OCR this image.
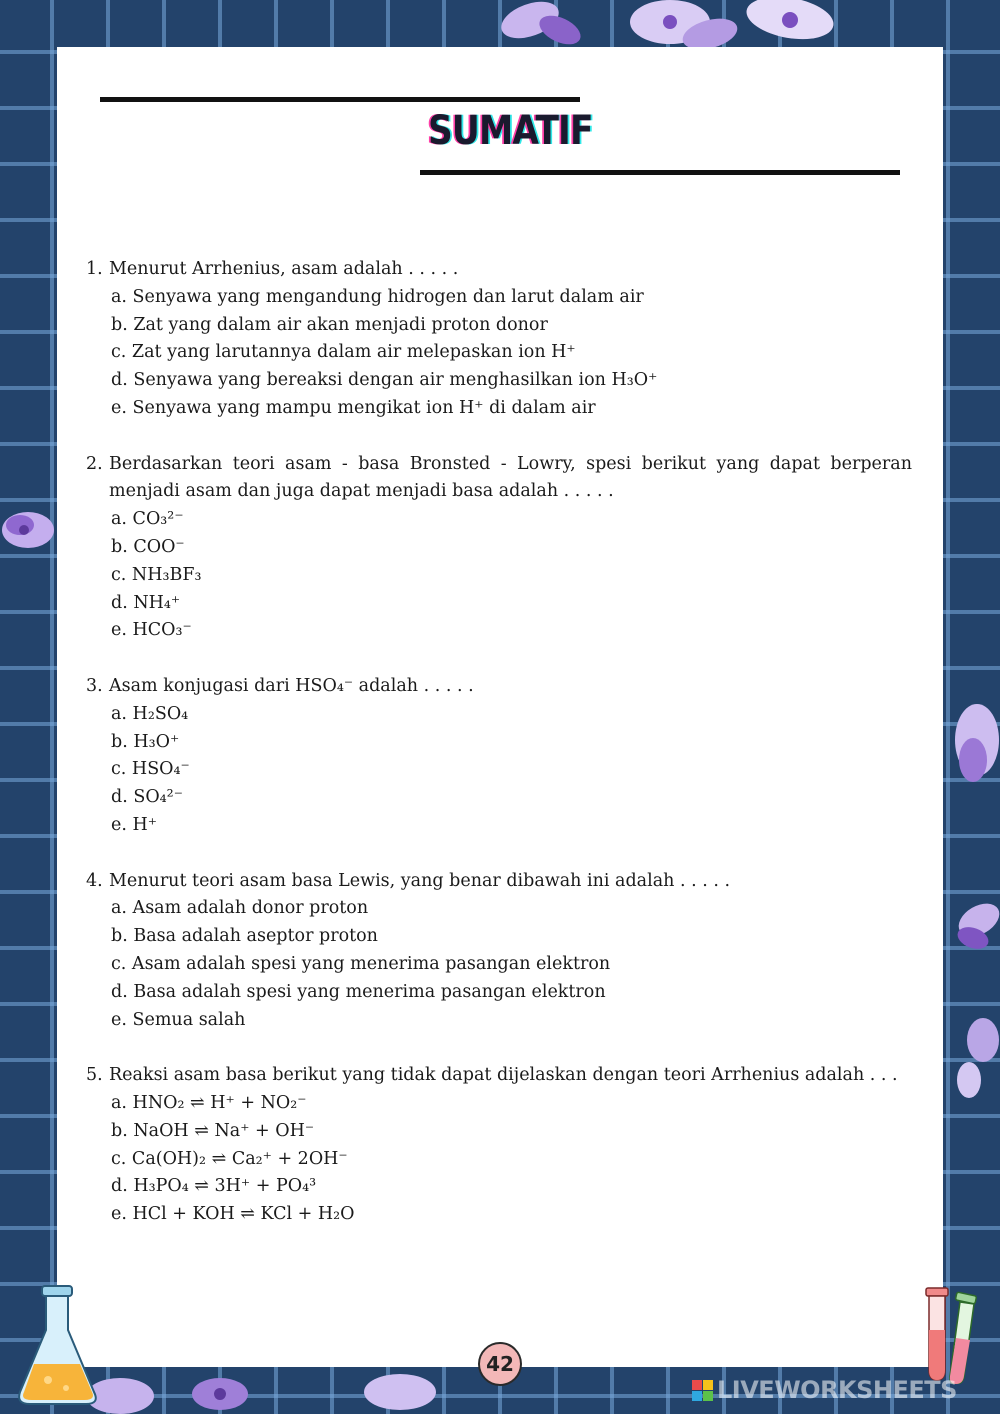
SUMATIF
1. Menurut Arrhenius, asam adalah . . . . .
a. Senyawa yang mengandung hidrogen dan larut dalam air
b. Zat yang dalam air akan menjadi proton donor
c. Zat yang larutannya dalam air melepaskan ion H⁺
d. Senyawa yang bereaksi dengan air menghasilkan ion H₃O⁺
e. Senyawa yang mampu mengikat ion H⁺ di dalam air
2. Berdasarkan teori asam - basa Bronsted - Lowry, spesi berikut yang dapat berperan menjadi asam dan juga dapat menjadi basa adalah . . . . .
a. CO₃²⁻
b. COO⁻
c. NH₃BF₃
d. NH₄⁺
e. HCO₃⁻
3. Asam konjugasi dari HSO₄⁻ adalah . . . . .
a. H₂SO₄
b. H₃O⁺
c. HSO₄⁻
d. SO₄²⁻
e. H⁺
4. Menurut teori asam basa Lewis, yang benar dibawah ini adalah . . . . .
a. Asam adalah donor proton
b. Basa adalah aseptor proton
c. Asam adalah spesi yang menerima pasangan elektron
d. Basa adalah spesi yang menerima pasangan elektron
e. Semua salah
5. Reaksi asam basa berikut yang tidak dapat dijelaskan dengan teori Arrhenius adalah . . .
a. HNO₂ ⇌ H⁺ + NO₂⁻
b. NaOH ⇌ Na⁺ + OH⁻
c. Ca(OH)₂ ⇌ Ca₂⁺ + 2OH⁻
d. H₃PO₄ ⇌ 3H⁺ + PO₄³
e. HCl + KOH ⇌ KCl + H₂O
42
LIVEWORKSHEETS
